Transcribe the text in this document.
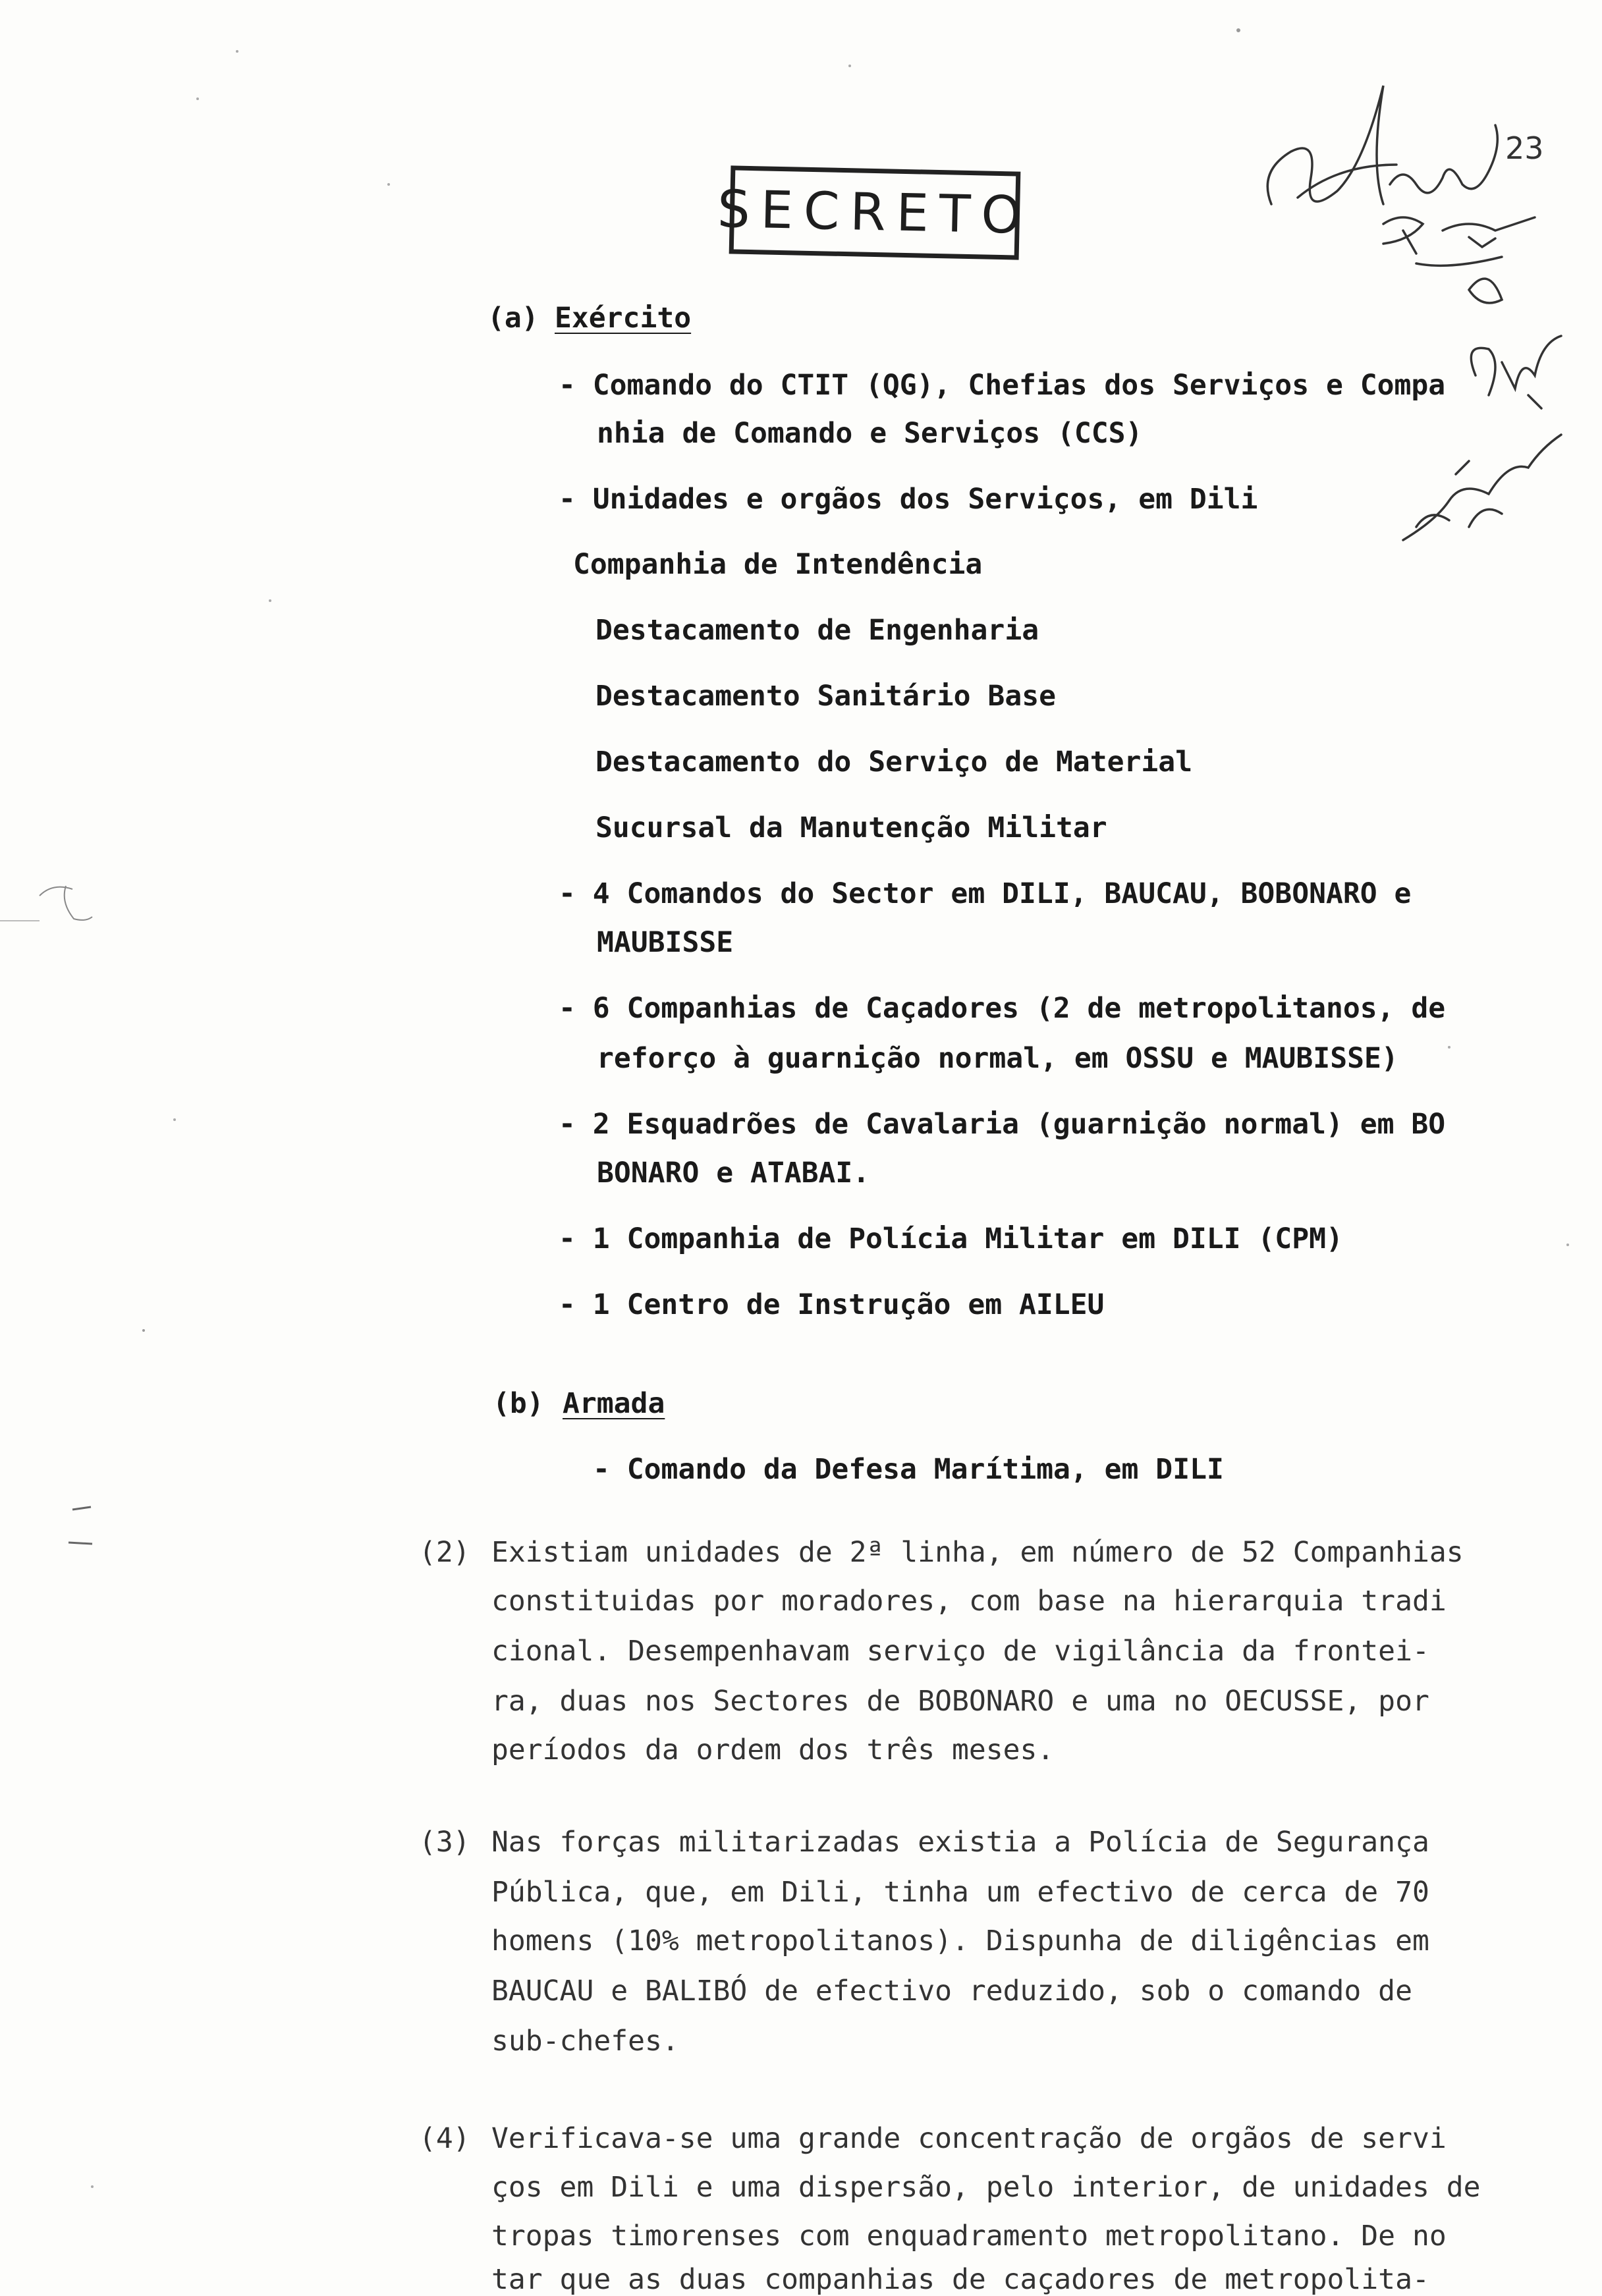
SECRETO
23
(a) Exército
- Comando do CTIT (QG), Chefias dos Serviços e Compa
nhia de Comando e Serviços (CCS)
- Unidades e orgãos dos Serviços, em Dili
Companhia de Intendência
Destacamento de Engenharia
Destacamento Sanitário Base
Destacamento do Serviço de Material
Sucursal da Manutenção Militar
- 4 Comandos do Sector em DILI, BAUCAU, BOBONARO e
MAUBISSE
- 6 Companhias de Caçadores (2 de metropolitanos, de
reforço à guarnição normal, em OSSU e MAUBISSE)
- 2 Esquadrões de Cavalaria (guarnição normal) em BO
BONARO e ATABAI.
- 1 Companhia de Polícia Militar em DILI (CPM)
- 1 Centro de Instrução em AILEU
(b) Armada
- Comando da Defesa Marítima, em DILI
(2) Existiam unidades de 2ª linha, em número de 52 Companhias
constituidas por moradores, com base na hierarquia tradi
cional. Desempenhavam serviço de vigilância da frontei-
ra, duas nos Sectores de BOBONARO e uma no OECUSSE, por
períodos da ordem dos três meses.
(3) Nas forças militarizadas existia a Polícia de Segurança
Pública, que, em Dili, tinha um efectivo de cerca de 70
homens (10% metropolitanos). Dispunha de diligências em
BAUCAU e BALIBÓ de efectivo reduzido, sob o comando de
sub-chefes.
(4) Verificava-se uma grande concentração de orgãos de servi
ços em Dili e uma dispersão, pelo interior, de unidades de
tropas timorenses com enquadramento metropolitano. De no
tar que as duas companhias de caçadores de metropolita-
